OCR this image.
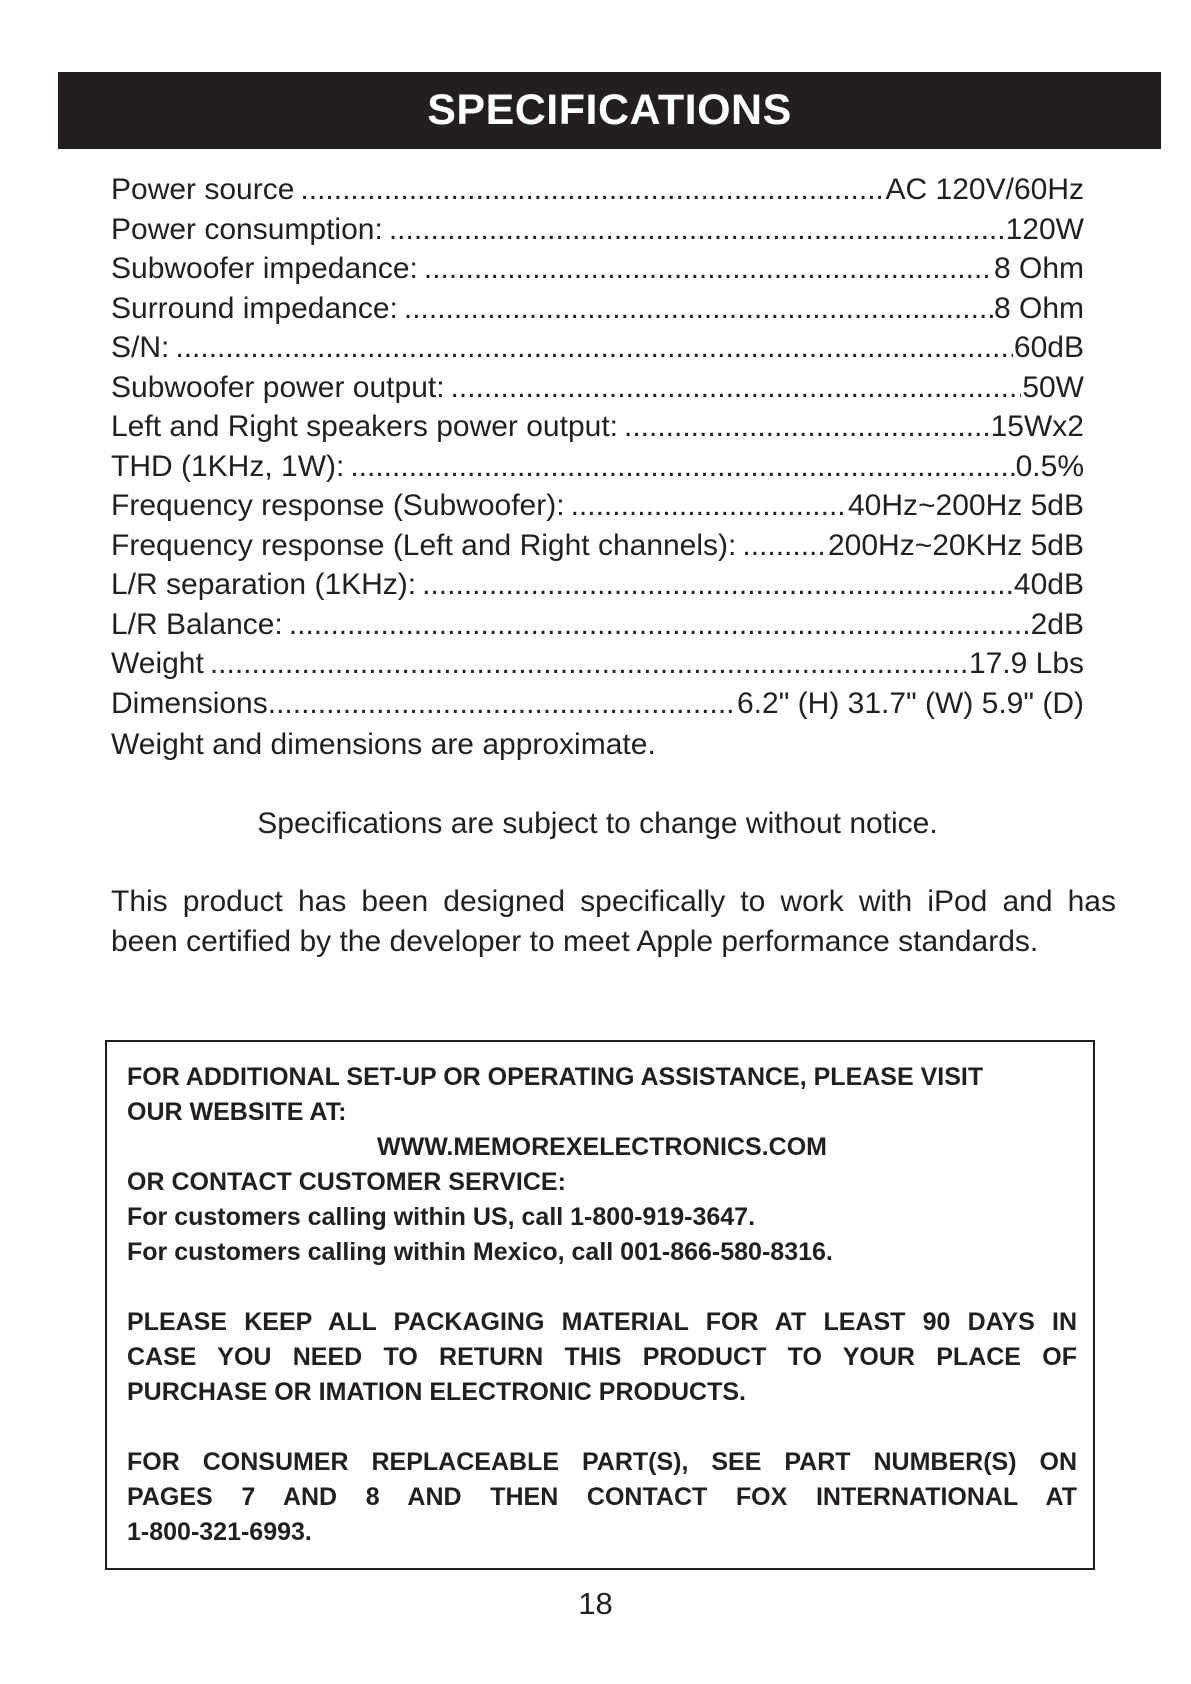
SPECIFICATIONS
Power source .....	AC 120V/60Hz
Power consumption: .....	120W
Subwoofer impedance: .....	8 Ohm
Surround impedance: .....	8 Ohm
S/N: .....	60dB
Subwoofer power output: .....	50W
Left and Right speakers power output: .....	15Wx2
THD (1KHz, 1W): .....	0.5%
Frequency response (Subwoofer): .....	40Hz~200Hz 5dB
Frequency response (Left and Right channels): .....	200Hz~20KHz 5dB
L/R separation (1KHz): .....	40dB
L/R Balance: .....	2dB
Weight .....	17.9 Lbs
Dimensions .....	6.2" (H) 31.7" (W) 5.9" (D)

Weight and dimensions are approximate.

Specifications are subject to change without notice.

This product has been designed specifically to work with iPod and has
been certified by the developer to meet Apple performance standards.

FOR ADDITIONAL SET-UP OR OPERATING ASSISTANCE, PLEASE VISIT
OUR WEBSITE AT:
WWW.MEMOREXELECTRONICS.COM
OR CONTACT CUSTOMER SERVICE:
For customers calling within US, call 1-800-919-3647.
For customers calling within Mexico, call 001-866-580-8316.
PLEASE KEEP ALL PACKAGING MATERIAL FOR AT LEAST 90 DAYS IN
CASE YOU NEED TO RETURN THIS PRODUCT TO YOUR PLACE OF
PURCHASE OR IMATION ELECTRONIC PRODUCTS.
FOR CONSUMER REPLACEABLE PART(S), SEE PART NUMBER(S) ON
PAGES 7 AND 8 AND THEN CONTACT FOX INTERNATIONAL AT
1-800-321-6993.
18
